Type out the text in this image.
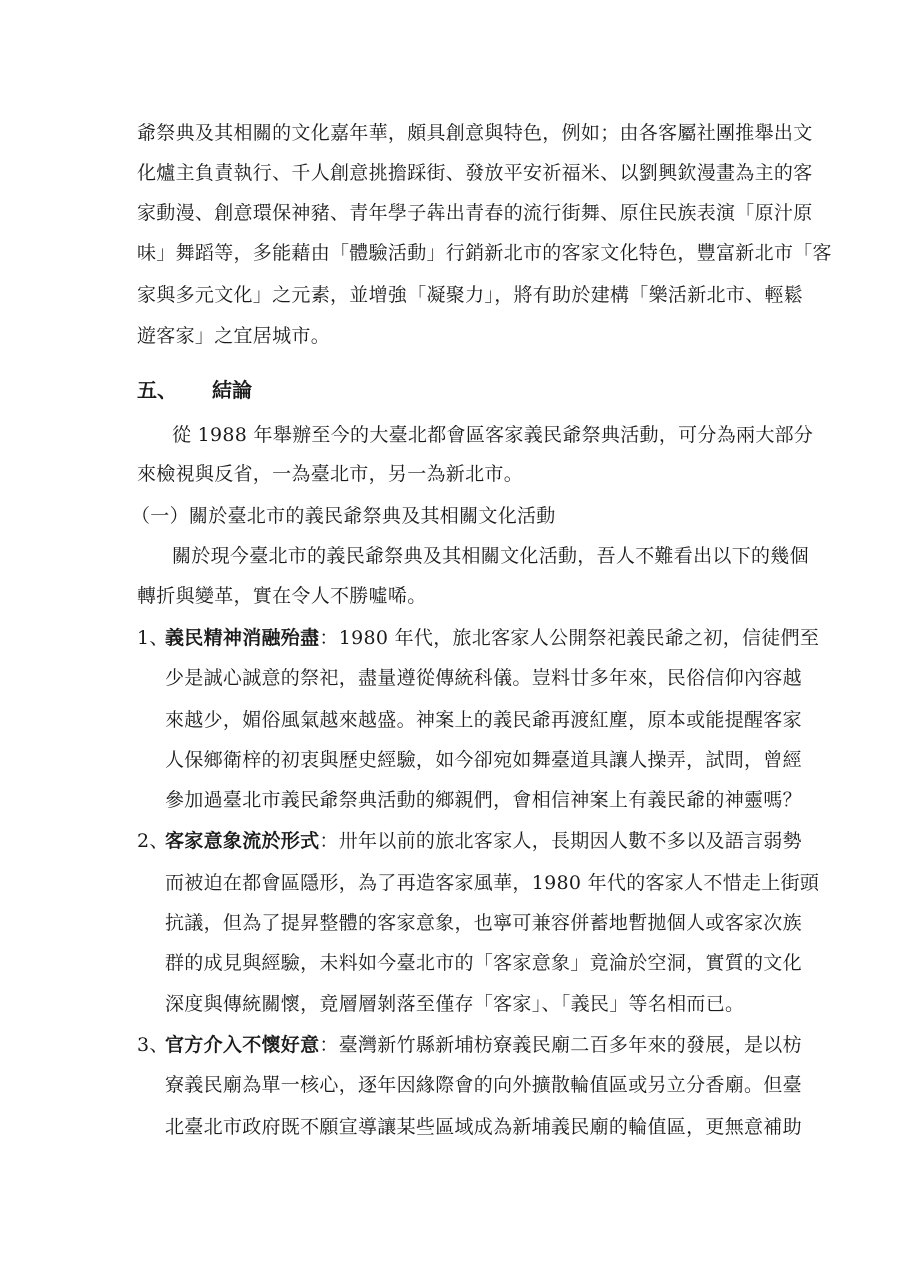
爺祭典及其相關的文化嘉年華，頗具創意與特色，例如；由各客屬社團推舉出文
化爐主負責執行、千人創意挑擔踩街、發放平安祈福米、以劉興欽漫畫為主的客
家動漫、創意環保神豬、青年學子犇出青春的流行街舞、原住民族表演「原汁原
味」舞蹈等，多能藉由「體驗活動」行銷新北市的客家文化特色，豐富新北市「客
家與多元文化」之元素，並增強「凝聚力」，將有助於建構「樂活新北市、輕鬆
遊客家」之宜居城市。
五、 結論
從 1988 年舉辦至今的大臺北都會區客家義民爺祭典活動，可分為兩大部分
來檢視與反省，一為臺北市，另一為新北市。
（一）關於臺北市的義民爺祭典及其相關文化活動
關於現今臺北市的義民爺祭典及其相關文化活動，吾人不難看出以下的幾個
轉折與變革，實在令人不勝噓唏。
1、義民精神消融殆盡：1980 年代，旅北客家人公開祭祀義民爺之初，信徒們至
少是誠心誠意的祭祀，盡量遵從傳統科儀。豈料廿多年來，民俗信仰內容越
來越少，媚俗風氣越來越盛。神案上的義民爺再渡紅塵，原本或能提醒客家
人保鄉衛梓的初衷與歷史經驗，如今卻宛如舞臺道具讓人操弄，試問，曾經
參加過臺北市義民爺祭典活動的鄉親們，會相信神案上有義民爺的神靈嗎？
2、客家意象流於形式：卅年以前的旅北客家人，長期因人數不多以及語言弱勢
而被迫在都會區隱形，為了再造客家風華，1980 年代的客家人不惜走上街頭
抗議，但為了提昇整體的客家意象，也寧可兼容併蓄地暫拋個人或客家次族
群的成見與經驗，未料如今臺北市的「客家意象」竟淪於空洞，實質的文化
深度與傳統關懷，竟層層剝落至僅存「客家」、「義民」等名相而已。
3、官方介入不懷好意：臺灣新竹縣新埔枋寮義民廟二百多年來的發展，是以枋
寮義民廟為單一核心，逐年因緣際會的向外擴散輪值區或另立分香廟。但臺
北臺北市政府既不願宣導讓某些區域成為新埔義民廟的輪值區，更無意補助
